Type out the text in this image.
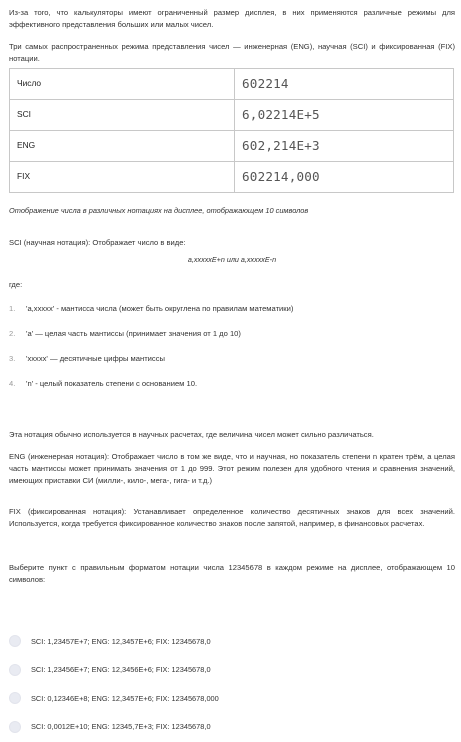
Из-за того, что калькуляторы имеют ограниченный размер дисплея, в них применяются различные режимы для эффективного представления больших или малых чисел.

Три самых распространенных режима представления чисел — инженерная (ENG), научная (SCI) и фиксированная (FIX) нотации.

Число	602214
SCI	6,02214E+5
ENG	602,214E+3
FIX	602214,000
Отображение числа в различных нотациях на дисплее, отображающем 10 символов
SCI (научная нотация): Отображает число в виде:
a,xxxxxE+n или a,xxxxxE-n
где:
1.	'a,xxxxx' - мантисса числа (может быть округлена по правилам математики)
2.	'a' — целая часть мантиссы (принимает значения от 1 до 10)
3.	'xxxxx' — десятичные цифры мантиссы
4.	'n' - целый показатель степени с основанием 10.

Эта нотация обычно используется в научных расчетах, где величина чисел может сильно различаться.

ENG (инженерная нотация): Отображает число в том же виде, что и научная, но показатель степени n кратен трём, а целая часть мантиссы может принимать значения от 1 до 999. Этот режим полезен для удобного чтения и сравнения значений, имеющих приставки СИ (милли-, кило-, мега-, гига- и т.д.)

FIX (фиксированная нотация): Устанавливает определенное количество десятичных знаков для всех значений. Используется, когда требуется фиксированное количество знаков после запятой, например, в финансовых расчетах.

Выберите пункт с правильным форматом нотации числа 12345678 в каждом режиме на дисплее, отображающем 10 символов:

SCI: 1,23457E+7; ENG: 12,3457E+6; FIX: 12345678,0
SCI: 1,23456E+7; ENG: 12,3456E+6; FIX: 12345678,0
SCI: 0,12346E+8; ENG: 12,3457E+6; FIX: 12345678,000
SCI: 0,0012E+10; ENG: 12345,7E+3; FIX: 12345678,0
